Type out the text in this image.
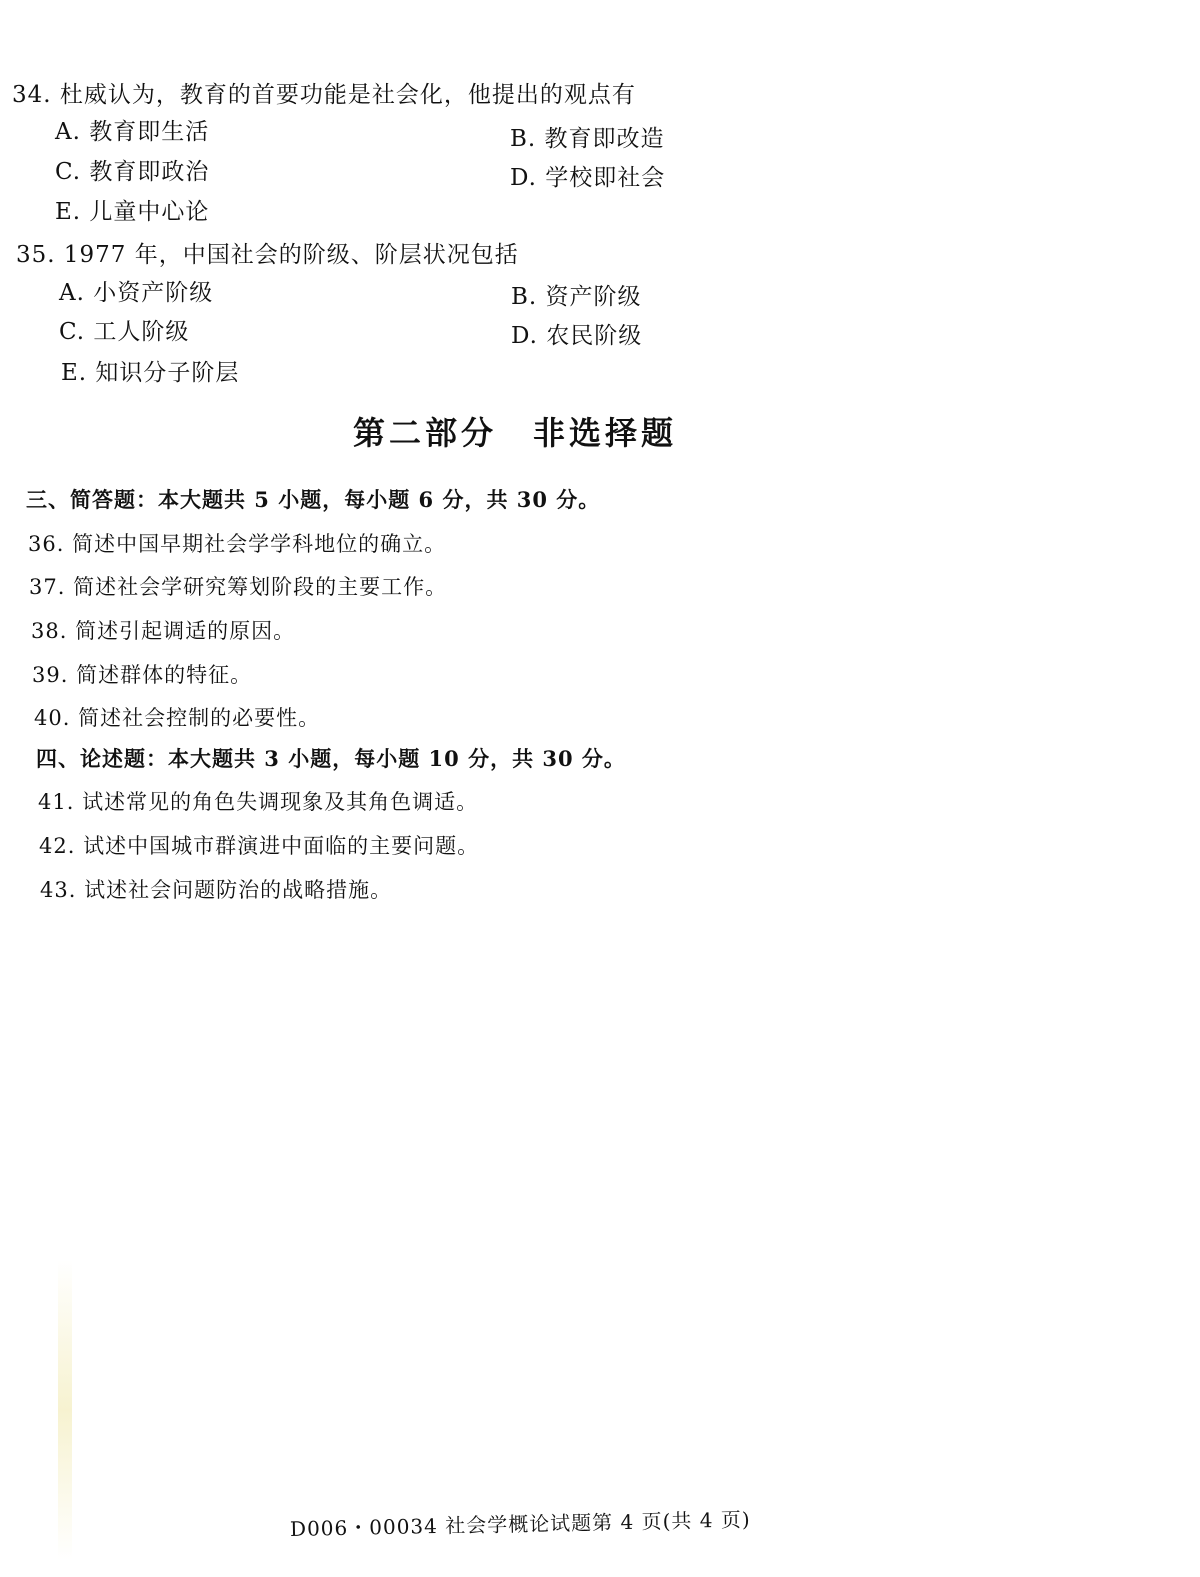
34. 杜威认为，教育的首要功能是社会化，他提出的观点有
A. 教育即生活	B. 教育即改造
C. 教育即政治	D. 学校即社会
E. 儿童中心论
35. 1977 年，中国社会的阶级、阶层状况包括
A. 小资产阶级	B. 资产阶级
C. 工人阶级	D. 农民阶级
E. 知识分子阶层
第二部分　非选择题
三、简答题：本大题共 5 小题，每小题 6 分，共 30 分。
36. 简述中国早期社会学学科地位的确立。
37. 简述社会学研究筹划阶段的主要工作。
38. 简述引起调适的原因。
39. 简述群体的特征。
40. 简述社会控制的必要性。
四、论述题：本大题共 3 小题，每小题 10 分，共 30 分。
41. 试述常见的角色失调现象及其角色调适。
42. 试述中国城市群演进中面临的主要问题。
43. 试述社会问题防治的战略措施。
D006・00034 社会学概论试题第 4 页(共 4 页)
